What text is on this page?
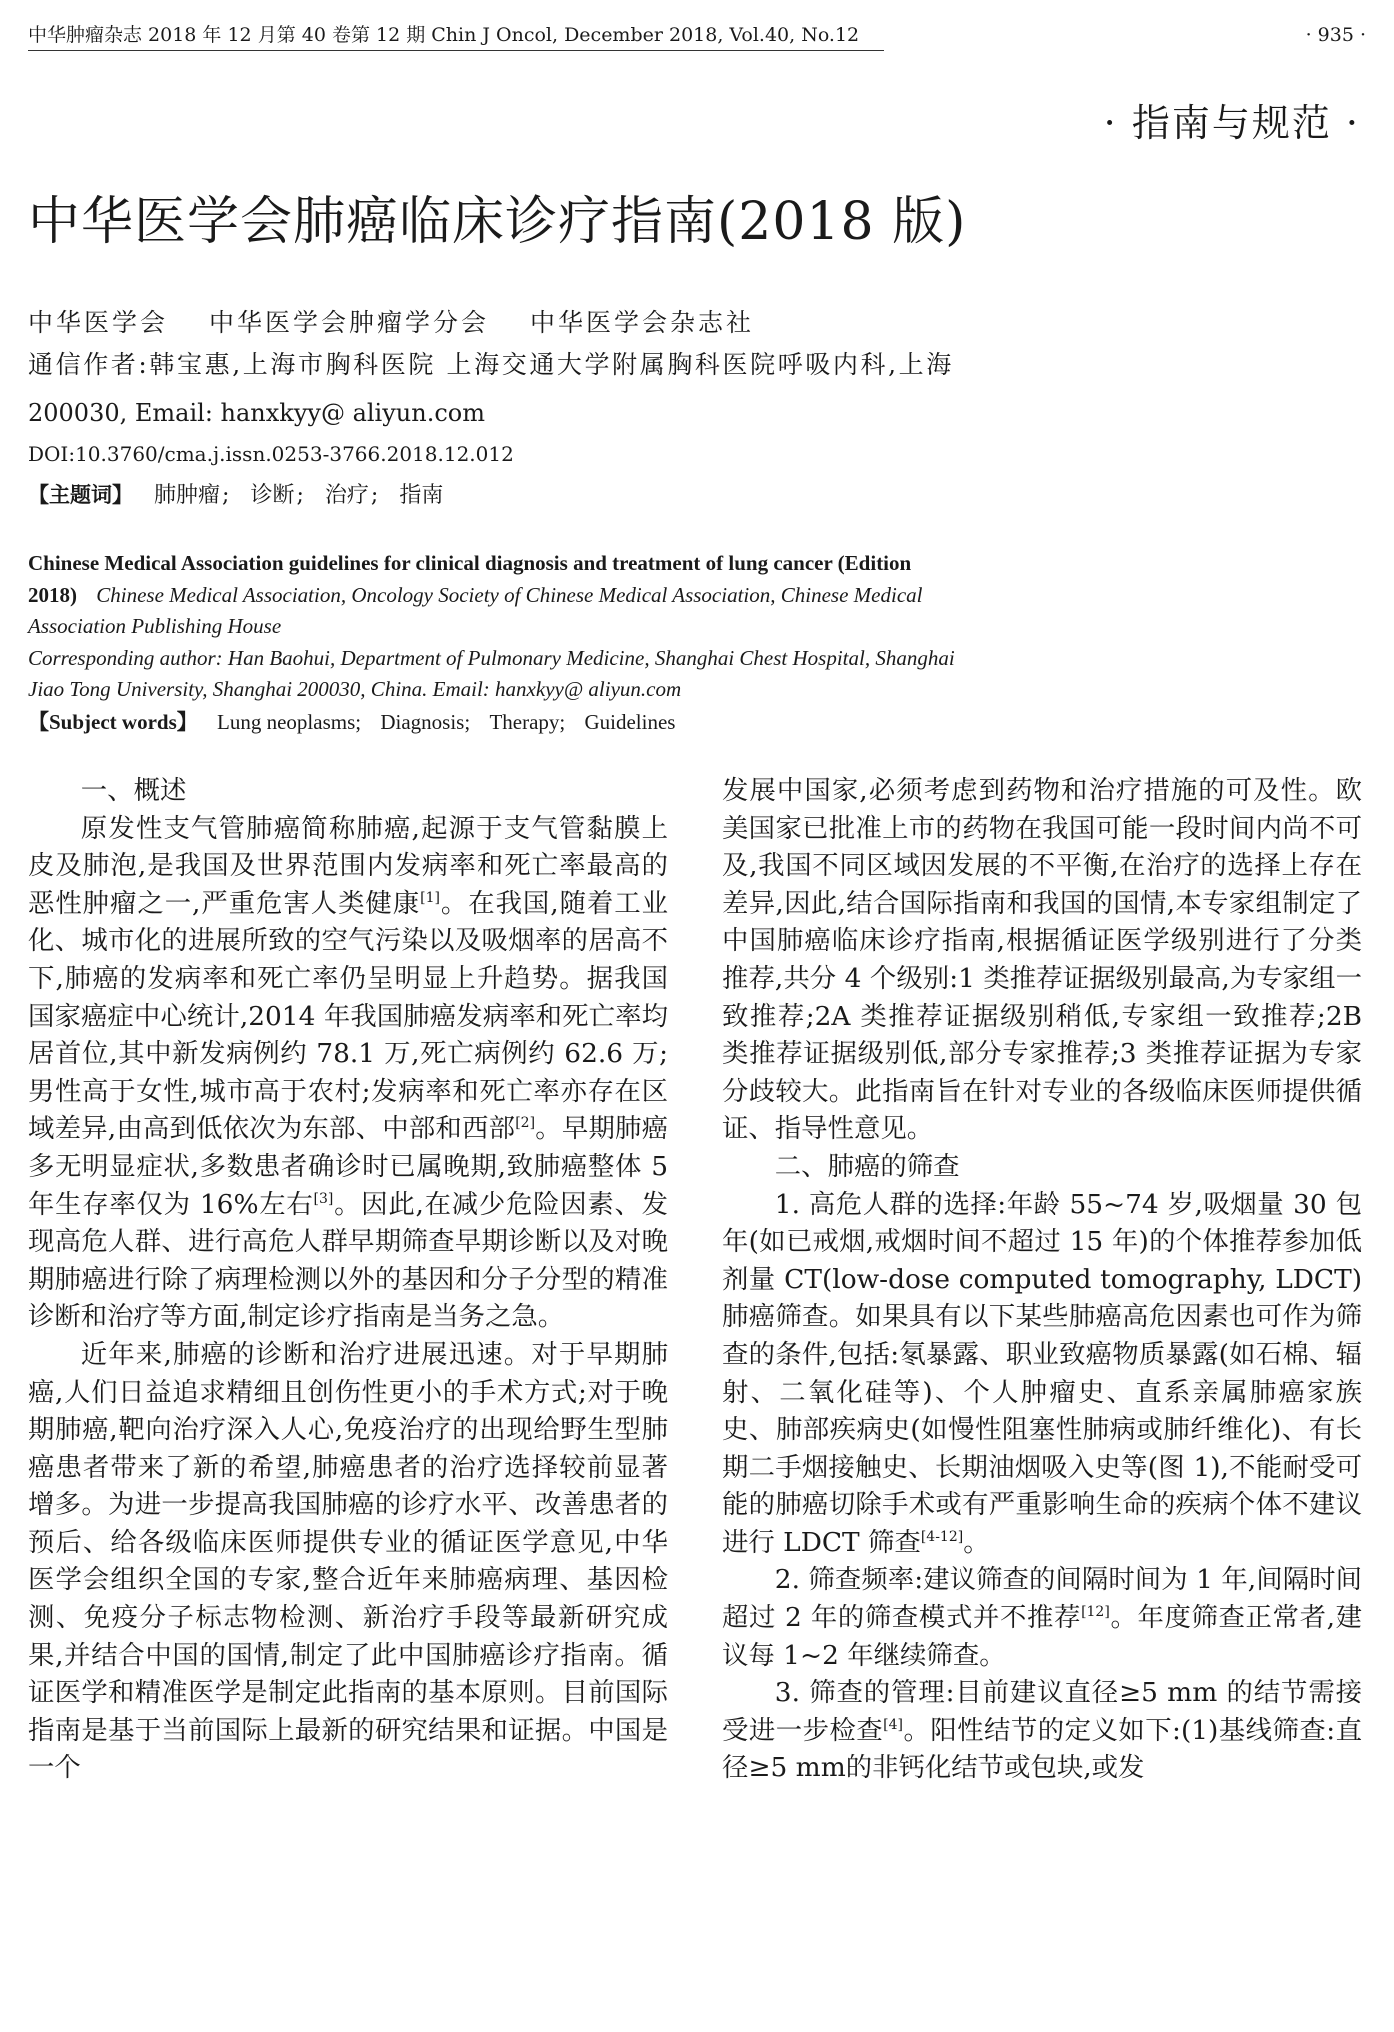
中华肿瘤杂志 2018 年 12 月第 40 卷第 12 期 Chin J Oncol, December 2018, Vol.40, No.12	· 935 ·
· 指南与规范 ·
中华医学会肺癌临床诊疗指南(2018 版)
中华医学会 中华医学会肿瘤学分会 中华医学会杂志社
通信作者:韩宝惠,上海市胸科医院 上海交通大学附属胸科医院呼吸内科,上海
200030, Email: hanxkyy@ aliyun.com
DOI:10.3760/cma.j.issn.0253-3766.2018.12.012
【主题词】 肺肿瘤; 诊断; 治疗; 指南
Chinese Medical Association guidelines for clinical diagnosis and treatment of lung cancer (Edition
2018) Chinese Medical Association, Oncology Society of Chinese Medical Association, Chinese Medical
Association Publishing House
Corresponding author: Han Baohui, Department of Pulmonary Medicine, Shanghai Chest Hospital, Shanghai
Jiao Tong University, Shanghai 200030, China. Email: hanxkyy@ aliyun.com
【Subject words】 Lung neoplasms; Diagnosis; Therapy; Guidelines

一、概述

原发性支气管肺癌简称肺癌,起源于支气管黏膜上皮及肺泡,是我国及世界范围内发病率和死亡率最高的恶性肿瘤之一,严重危害人类健康[1]。在我国,随着工业化、城市化的进展所致的空气污染以及吸烟率的居高不下,肺癌的发病率和死亡率仍呈明显上升趋势。据我国国家癌症中心统计,2014 年我国肺癌发病率和死亡率均居首位,其中新发病例约 78.1 万,死亡病例约 62.6 万;男性高于女性,城市高于农村;发病率和死亡率亦存在区域差异,由高到低依次为东部、中部和西部[2]。早期肺癌多无明显症状,多数患者确诊时已属晚期,致肺癌整体 5 年生存率仅为 16%左右[3]。因此,在减少危险因素、发现高危人群、进行高危人群早期筛查早期诊断以及对晚期肺癌进行除了病理检测以外的基因和分子分型的精准诊断和治疗等方面,制定诊疗指南是当务之急。

近年来,肺癌的诊断和治疗进展迅速。对于早期肺癌,人们日益追求精细且创伤性更小的手术方式;对于晚期肺癌,靶向治疗深入人心,免疫治疗的出现给野生型肺癌患者带来了新的希望,肺癌患者的治疗选择较前显著增多。为进一步提高我国肺癌的诊疗水平、改善患者的预后、给各级临床医师提供专业的循证医学意见,中华医学会组织全国的专家,整合近年来肺癌病理、基因检测、免疫分子标志物检测、新治疗手段等最新研究成果,并结合中国的国情,制定了此中国肺癌诊疗指南。循证医学和精准医学是制定此指南的基本原则。目前国际指南是基于当前国际上最新的研究结果和证据。中国是一个

发展中国家,必须考虑到药物和治疗措施的可及性。欧美国家已批准上市的药物在我国可能一段时间内尚不可及,我国不同区域因发展的不平衡,在治疗的选择上存在差异,因此,结合国际指南和我国的国情,本专家组制定了中国肺癌临床诊疗指南,根据循证医学级别进行了分类推荐,共分 4 个级别:1 类推荐证据级别最高,为专家组一致推荐;2A 类推荐证据级别稍低,专家组一致推荐;2B 类推荐证据级别低,部分专家推荐;3 类推荐证据为专家分歧较大。此指南旨在针对专业的各级临床医师提供循证、指导性意见。

二、肺癌的筛查

1. 高危人群的选择:年龄 55~74 岁,吸烟量 30 包年(如已戒烟,戒烟时间不超过 15 年)的个体推荐参加低剂量 CT(low-dose computed tomography, LDCT)肺癌筛查。如果具有以下某些肺癌高危因素也可作为筛查的条件,包括:氡暴露、职业致癌物质暴露(如石棉、辐射、二氧化硅等)、个人肿瘤史、直系亲属肺癌家族史、肺部疾病史(如慢性阻塞性肺病或肺纤维化)、有长期二手烟接触史、长期油烟吸入史等(图 1),不能耐受可能的肺癌切除手术或有严重影响生命的疾病个体不建议进行 LDCT 筛查[4-12]。

2. 筛查频率:建议筛查的间隔时间为 1 年,间隔时间超过 2 年的筛查模式并不推荐[12]。年度筛查正常者,建议每 1~2 年继续筛查。

3. 筛查的管理:目前建议直径≥5 mm 的结节需接受进一步检查[4]。阳性结节的定义如下:(1)基线筛查:直径≥5 mm的非钙化结节或包块,或发
